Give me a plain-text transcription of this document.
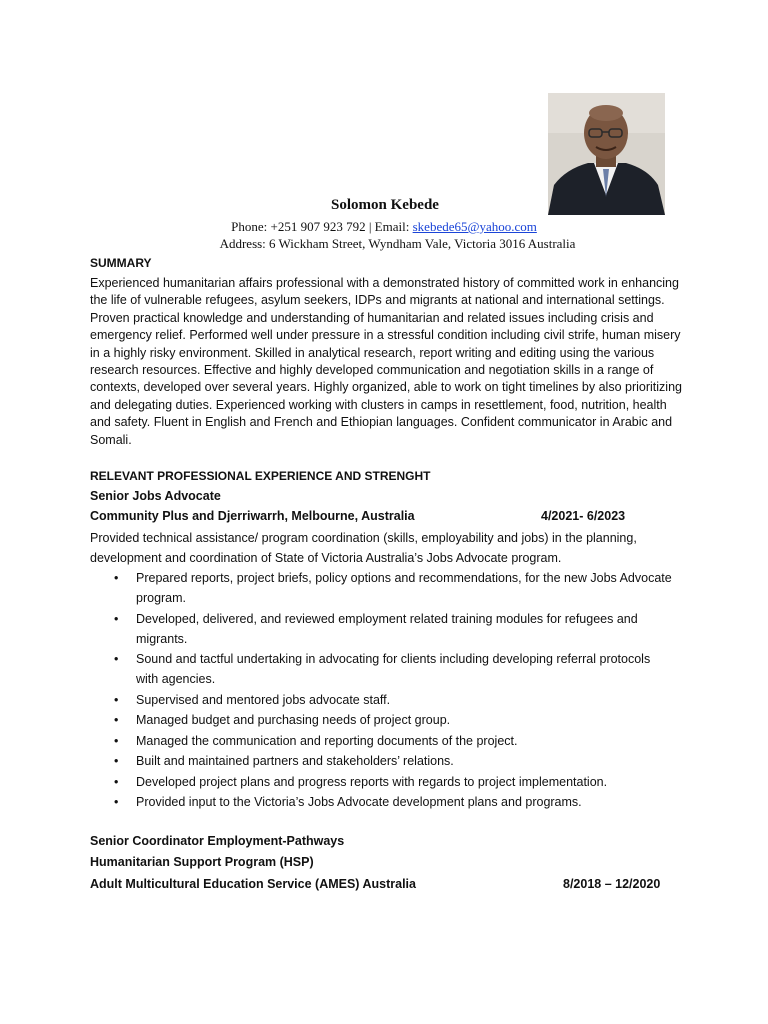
Solomon Kebede
Phone: +251 907 923 792 | Email: skebede65@yahoo.com
Address: 6 Wickham Street, Wyndham Vale, Victoria 3016 Australia
SUMMARY
Experienced humanitarian affairs professional with a demonstrated history of committed work in enhancing the life of vulnerable refugees, asylum seekers, IDPs and migrants at national and international settings. Proven practical knowledge and understanding of humanitarian and related issues including crisis and emergency relief. Performed well under pressure in a stressful condition including civil strife, human misery in a highly risky environment. Skilled in analytical research, report writing and editing using the various research resources. Effective and highly developed communication and negotiation skills in a range of contexts, developed over several years. Highly organized, able to work on tight timelines by also prioritizing and delegating duties. Experienced working with clusters in camps in resettlement, food, nutrition, health and safety. Fluent in English and French and Ethiopian languages. Confident communicator in Arabic and Somali.
RELEVANT PROFESSIONAL EXPERIENCE AND STRENGHT
Senior Jobs Advocate
Community Plus and Djerriwarrh, Melbourne, Australia	4/2021- 6/2023
Provided technical assistance/ program coordination (skills, employability and jobs) in the planning, development and coordination of State of Victoria Australia’s Jobs Advocate program.
• Prepared reports, project briefs, policy options and recommendations, for the new Jobs Advocate program.
• Developed, delivered, and reviewed employment related training modules for refugees and migrants.
• Sound and tactful undertaking in advocating for clients including developing referral protocols with agencies.
• Supervised and mentored jobs advocate staff.
• Managed budget and purchasing needs of project group.
• Managed the communication and reporting documents of the project.
• Built and maintained partners and stakeholders’ relations.
• Developed project plans and progress reports with regards to project implementation.
• Provided input to the Victoria’s Jobs Advocate development plans and programs.
Senior Coordinator Employment-Pathways
Humanitarian Support Program (HSP)
Adult Multicultural Education Service (AMES) Australia	8/2018 – 12/2020
